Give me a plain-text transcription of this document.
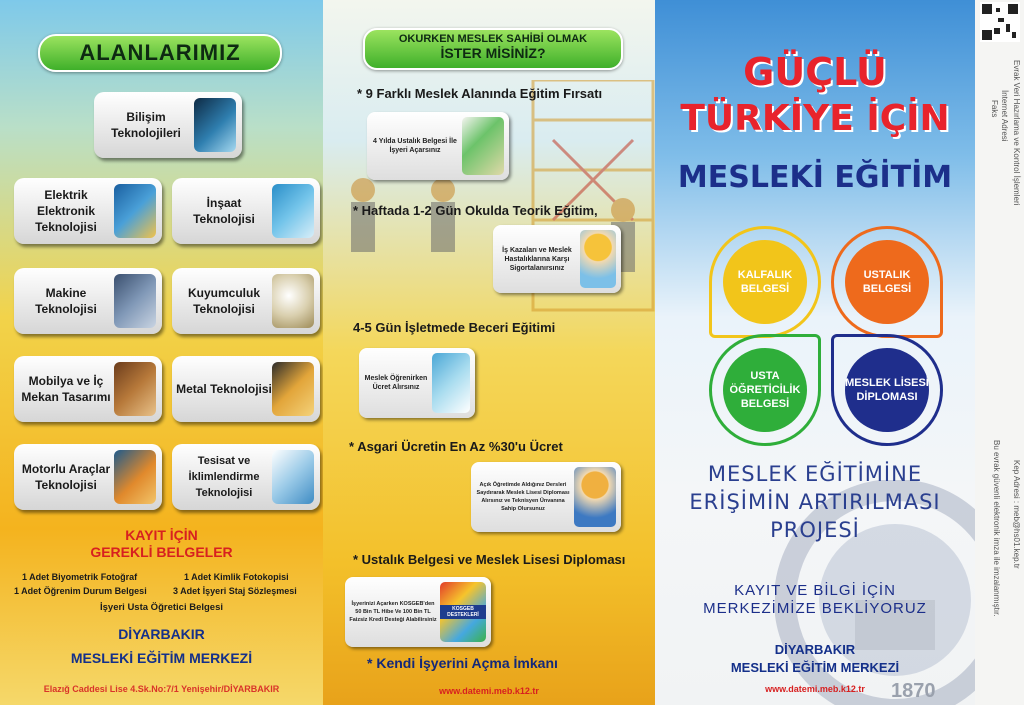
ALANLARIMIZ
Bilişim Teknolojileri
Elektrik Elektronik Teknolojisi
İnşaat Teknolojisi
Makine Teknolojisi
Kuyumculuk Teknolojisi
Mobilya ve İç Mekan Tasarımı
Metal Teknolojisi
Motorlu Araçlar Teknolojisi
Tesisat ve İklimlendirme Teknolojisi
KAYIT İÇİN
GEREKLİ BELGELER
1 Adet Biyometrik Fotoğraf	1 Adet Kimlik Fotokopisi
1 Adet Öğrenim Durum Belgesi	3 Adet İşyeri Staj Sözleşmesi
İşyeri Usta Öğretici Belgesi
DİYARBAKIR
MESLEKİ EĞİTİM MERKEZİ
Elazığ Caddesi Lise 4.Sk.No:7/1 Yenişehir/DİYARBAKIR
OKURKEN MESLEK SAHİBİ OLMAK
İSTER MİSİNİZ?
* 9 Farklı Meslek Alanında Eğitim Fırsatı
4 Yılda Ustalık Belgesi İle İşyeri Açarsınız
* Haftada 1-2 Gün Okulda Teorik Eğitim,
İş Kazaları ve Meslek Hastalıklarına Karşı Sigortalanırsınız
4-5 Gün İşletmede Beceri Eğitimi
Meslek Öğrenirken Ücret Alırsınız
* Asgari Ücretin En Az %30'u Ücret
Açık Öğretimde Aldığınız Dersleri Saydırarak Meslek Lisesi Diploması Alırsınız ve Teknisyen Ünvanına Sahip Olursunuz
* Ustalık Belgesi ve Meslek Lisesi Diploması
İşyerinizi Açarken KOSGEB'den 50 Bin TL Hibe Ve 100 Bin TL Faizsiz Kredi Desteği Alabilirsiniz
KOSGEB DESTEKLERİ
* Kendi İşyerini Açma İmkanı
www.datemi.meb.k12.tr	1870
GÜÇLÜ
TÜRKİYE İÇİN
MESLEKİ EĞİTİM
KALFALIK BELGESİ
USTALIK BELGESİ
USTA ÖĞRETİCİLİK BELGESİ
MESLEK LİSESİ DİPLOMASI
MESLEK EĞİTİMİNE
ERİŞİMİN ARTIRILMASI
PROJESİ
KAYIT VE BİLGİ İÇİN
MERKEZİMİZE BEKLİYORUZ
DİYARBAKIR
MESLEKİ EĞİTİM MERKEZİ
www.datemi.meb.k12.tr
Evrak Veri Hazırlama ve Kontrol İşlemleri
İnternet Adresi
Faks
Kep Adresi : meb@hs01.kep.tr
Bu evrak güvenli elektronik imza ile imzalanmıştır.
